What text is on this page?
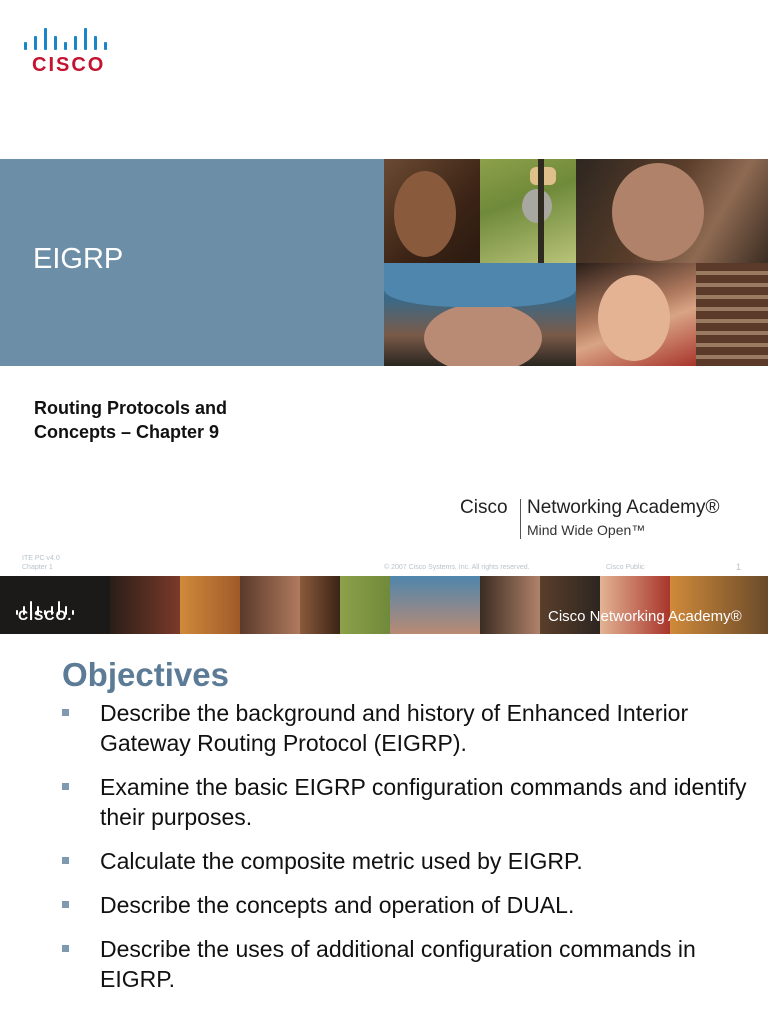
CISCO
EIGRP
Routing Protocols and
Concepts – Chapter 9
Cisco Networking Academy®
Mind Wide Open™
ITE PC v4.0
Chapter 1	© 2007 Cisco Systems, Inc. All rights reserved.	Cisco Public	1
CISCO.	Cisco Networking Academy®
Objectives
Describe the background and history of Enhanced Interior Gateway Routing Protocol (EIGRP).
Examine the basic EIGRP configuration commands and identify their purposes.
Calculate the composite metric used by EIGRP.
Describe the concepts and operation of DUAL.
Describe the uses of additional configuration commands in EIGRP.
